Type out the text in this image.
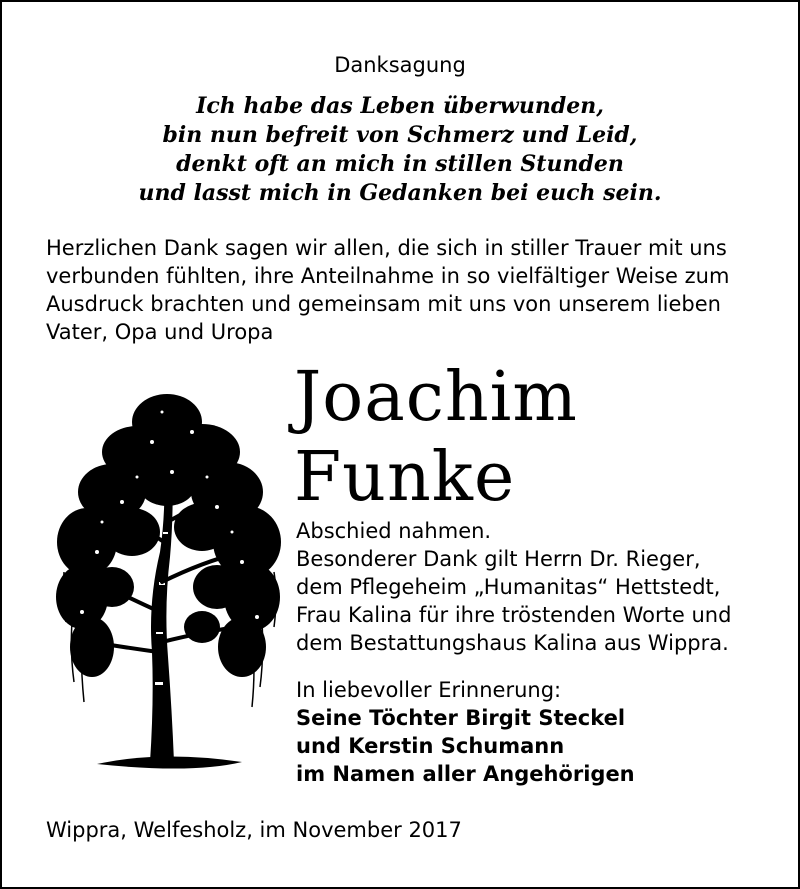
Danksagung
Ich habe das Leben überwunden,
bin nun befreit von Schmerz und Leid,
denkt oft an mich in stillen Stunden
und lasst mich in Gedanken bei euch sein.
Herzlichen Dank sagen wir allen, die sich in stiller Trauer mit uns
verbunden fühlten, ihre Anteilnahme in so vielfältiger Weise zum
Ausdruck brachten und gemeinsam mit uns von unserem lieben
Vater, Opa und Uropa
Joachim
Funke
Abschied nahmen.
Besonderer Dank gilt Herrn Dr. Rieger,
dem Pflegeheim „Humanitas“ Hettstedt,
Frau Kalina für ihre tröstenden Worte und
dem Bestattungshaus Kalina aus Wippra.
In liebevoller Erinnerung:
Seine Töchter Birgit Steckel
und Kerstin Schumann
im Namen aller Angehörigen
Wippra, Welfesholz, im November 2017
